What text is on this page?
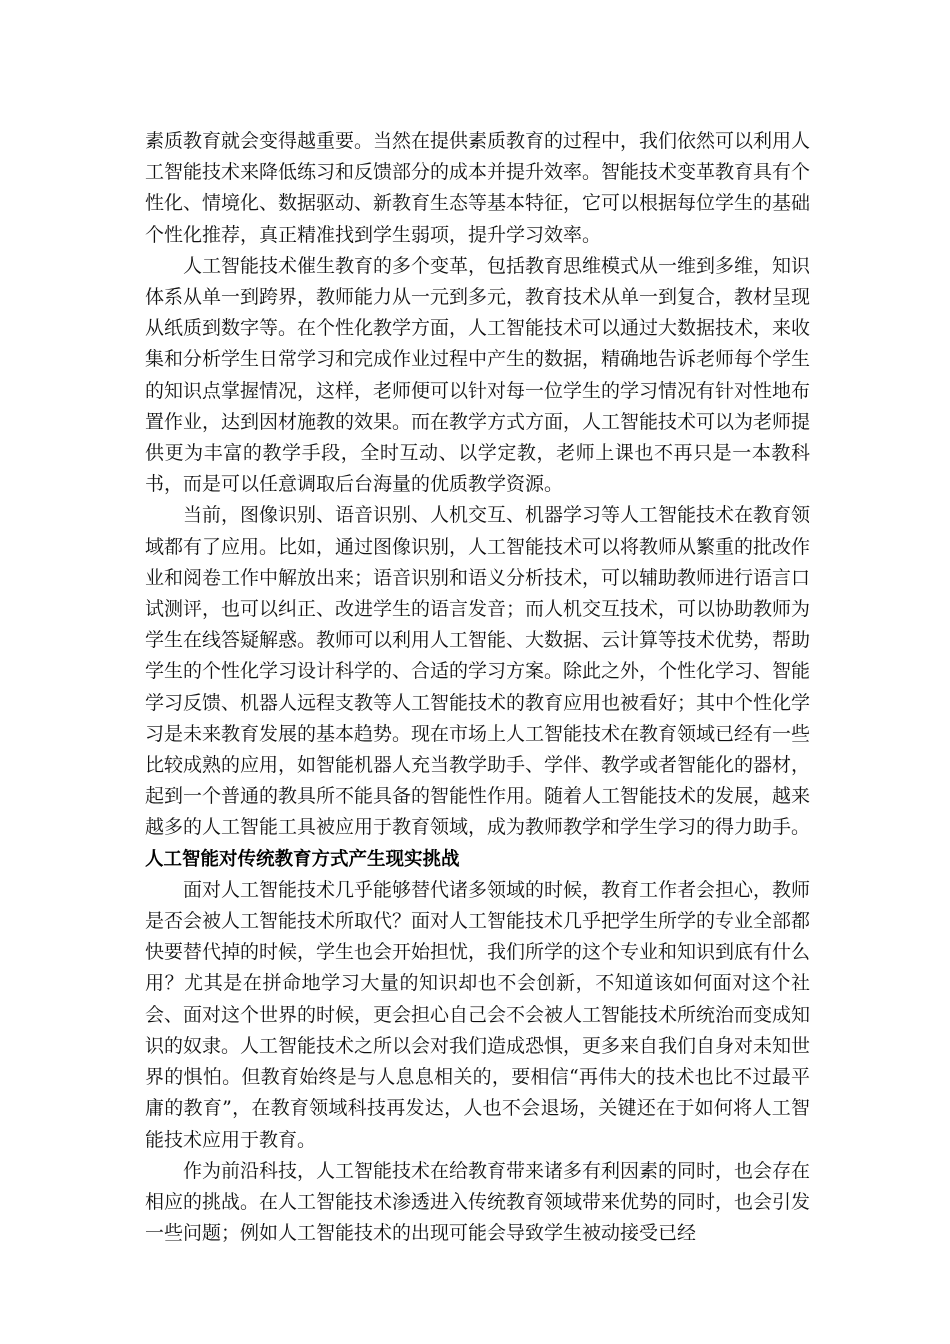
素质教育就会变得越重要。当然在提供素质教育的过程中，我们依然可以利用人工智能技术来降低练习和反馈部分的成本并提升效率。智能技术变革教育具有个性化、情境化、数据驱动、新教育生态等基本特征，它可以根据每位学生的基础个性化推荐，真正精准找到学生弱项，提升学习效率。

人工智能技术催生教育的多个变革，包括教育思维模式从一维到多维，知识体系从单一到跨界，教师能力从一元到多元，教育技术从单一到复合，教材呈现从纸质到数字等。在个性化教学方面，人工智能技术可以通过大数据技术，来收集和分析学生日常学习和完成作业过程中产生的数据，精确地告诉老师每个学生的知识点掌握情况，这样，老师便可以针对每一位学生的学习情况有针对性地布置作业，达到因材施教的效果。而在教学方式方面，人工智能技术可以为老师提供更为丰富的教学手段，全时互动、以学定教，老师上课也不再只是一本教科书，而是可以任意调取后台海量的优质教学资源。

当前，图像识别、语音识别、人机交互、机器学习等人工智能技术在教育领域都有了应用。比如，通过图像识别，人工智能技术可以将教师从繁重的批改作业和阅卷工作中解放出来；语音识别和语义分析技术，可以辅助教师进行语言口试测评，也可以纠正、改进学生的语言发音；而人机交互技术，可以协助教师为学生在线答疑解惑。教师可以利用人工智能、大数据、云计算等技术优势，帮助学生的个性化学习设计科学的、合适的学习方案。除此之外，个性化学习、智能学习反馈、机器人远程支教等人工智能技术的教育应用也被看好；其中个性化学习是未来教育发展的基本趋势。现在市场上人工智能技术在教育领域已经有一些比较成熟的应用，如智能机器人充当教学助手、学伴、教学或者智能化的器材，起到一个普通的教具所不能具备的智能性作用。随着人工智能技术的发展，越来越多的人工智能工具被应用于教育领域，成为教师教学和学生学习的得力助手。

人工智能对传统教育方式产生现实挑战

面对人工智能技术几乎能够替代诸多领域的时候，教育工作者会担心，教师是否会被人工智能技术所取代？面对人工智能技术几乎把学生所学的专业全部都快要替代掉的时候，学生也会开始担忧，我们所学的这个专业和知识到底有什么用？尤其是在拼命地学习大量的知识却也不会创新，不知道该如何面对这个社会、面对这个世界的时候，更会担心自己会不会被人工智能技术所统治而变成知识的奴隶。人工智能技术之所以会对我们造成恐惧，更多来自我们自身对未知世界的惧怕。但教育始终是与人息息相关的，要相信“再伟大的技术也比不过最平庸的教育”，在教育领域科技再发达，人也不会退场，关键还在于如何将人工智能技术应用于教育。

作为前沿科技，人工智能技术在给教育带来诸多有利因素的同时，也会存在相应的挑战。在人工智能技术渗透进入传统教育领域带来优势的同时，也会引发一些问题；例如人工智能技术的出现可能会导致学生被动接受已经
